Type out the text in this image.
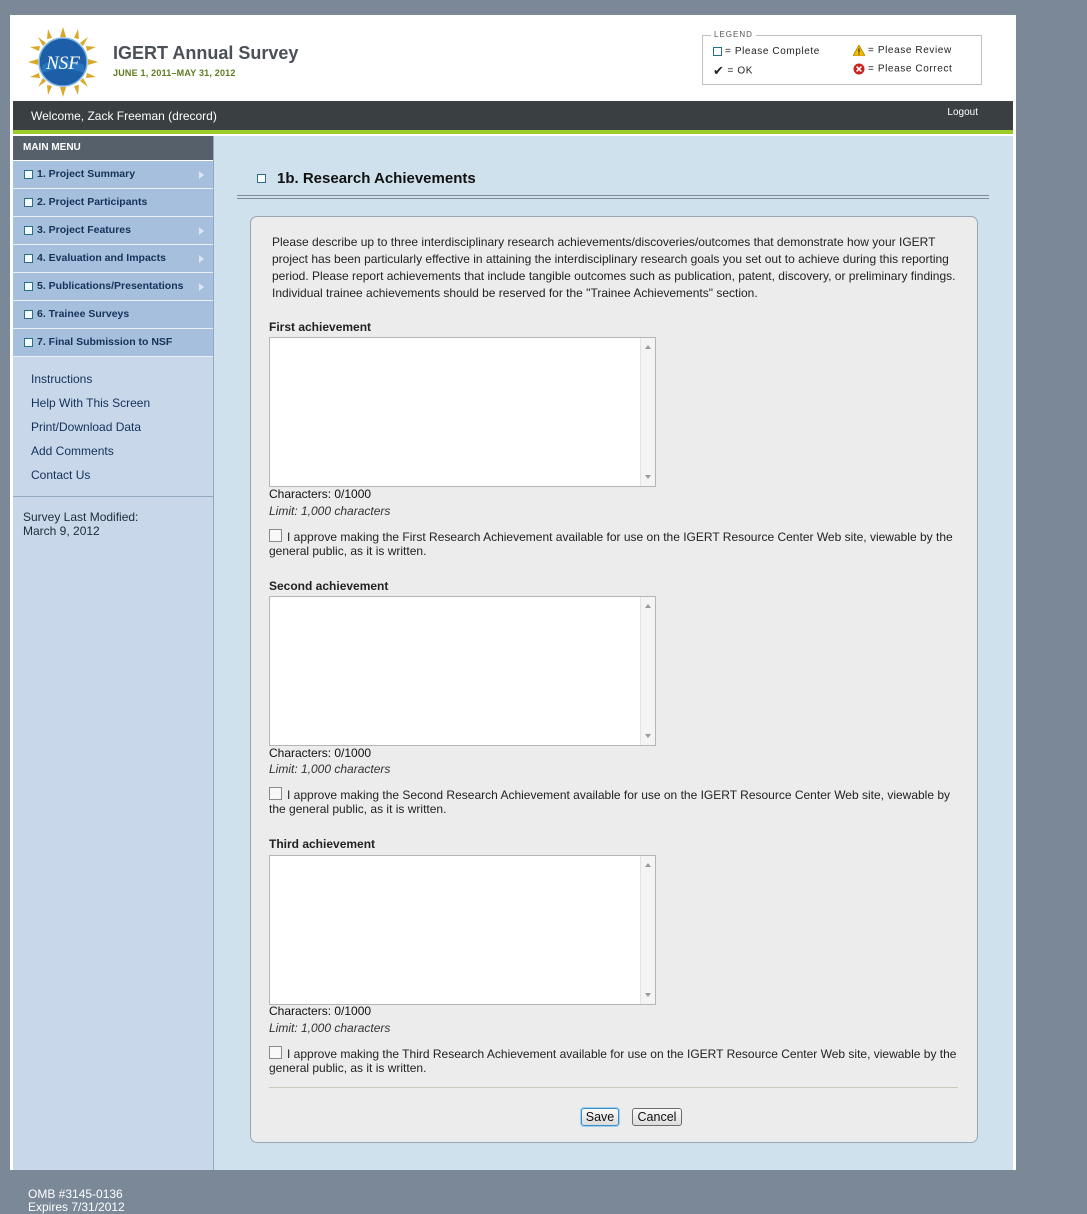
NSF IGERT Annual Survey
JUNE 1, 2011–MAY 31, 2012
LEGEND
= Please Complete	= Please Review
✔ = OK	= Please Correct
Welcome, Zack Freeman (drecord)	Logout
MAIN MENU
1. Project Summary
2. Project Participants
3. Project Features
4. Evaluation and Impacts
5. Publications/Presentations
6. Trainee Surveys
7. Final Submission to NSF
Instructions
Help With This Screen
Print/Download Data
Add Comments
Contact Us
Survey Last Modified:
March 9, 2012
1b. Research Achievements
Please describe up to three interdisciplinary research achievements/discoveries/outcomes that demonstrate how your IGERT project has been particularly effective in attaining the interdisciplinary research goals you set out to achieve during this reporting period. Please report achievements that include tangible outcomes such as publication, patent, discovery, or preliminary findings. Individual trainee achievements should be reserved for the "Trainee Achievements" section.
First achievement
Characters: 0/1000
Limit: 1,000 characters
I approve making the First Research Achievement available for use on the IGERT Resource Center Web site, viewable by the general public, as it is written.
Second achievement
Characters: 0/1000
Limit: 1,000 characters
I approve making the Second Research Achievement available for use on the IGERT Resource Center Web site, viewable by the general public, as it is written.
Third achievement
Characters: 0/1000
Limit: 1,000 characters
I approve making the Third Research Achievement available for use on the IGERT Resource Center Web site, viewable by the general public, as it is written.
Save	Cancel
OMB #3145-0136
Expires 7/31/2012
